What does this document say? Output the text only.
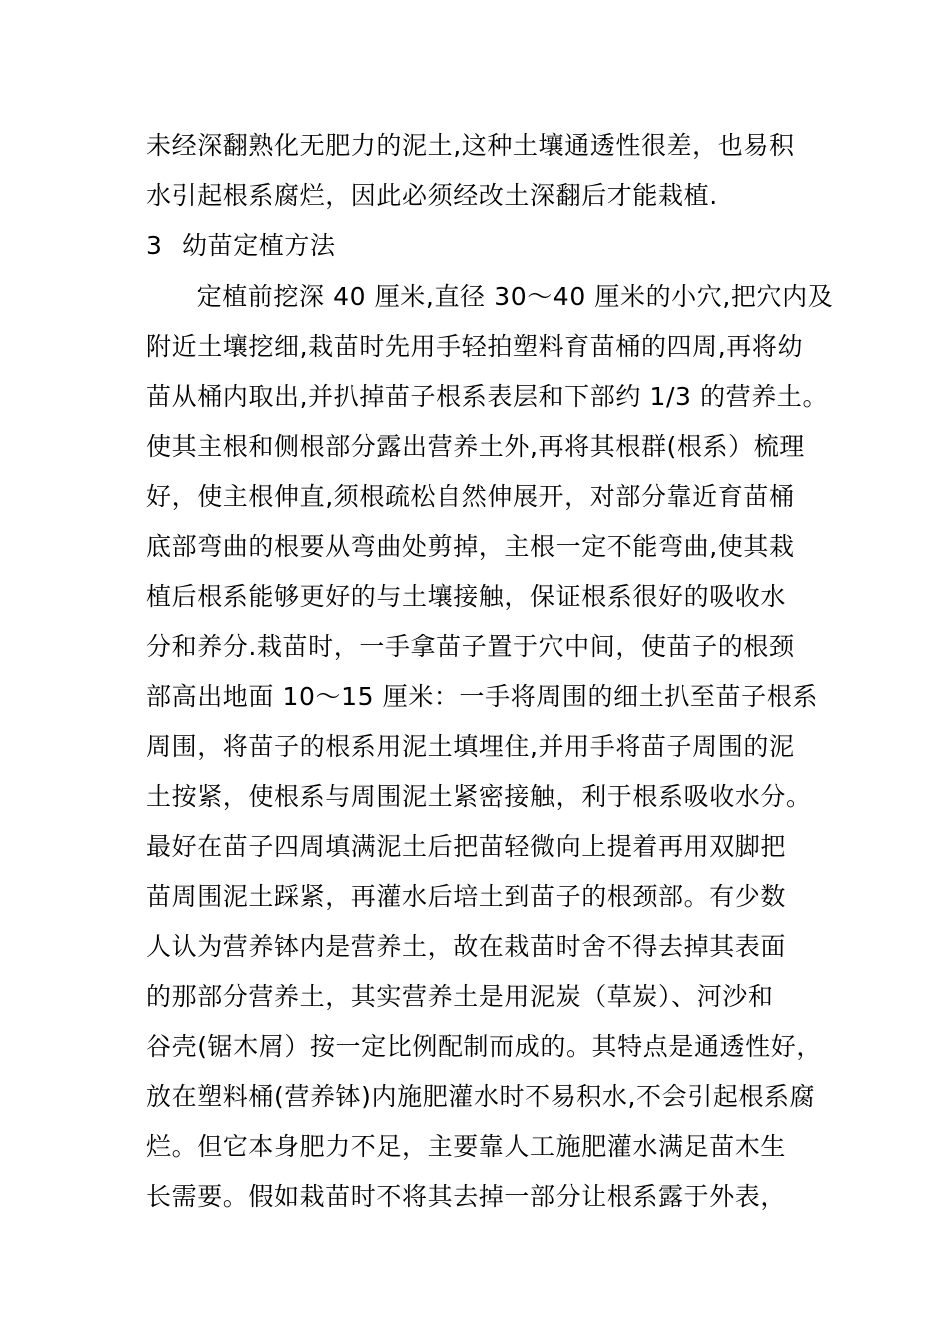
未经深翻熟化无肥力的泥土,这种土壤通透性很差，也易积
水引起根系腐烂，因此必须经改土深翻后才能栽植.
3 幼苗定植方法
　定植前挖深 40 厘米,直径 30～40 厘米的小穴,把穴内及
附近土壤挖细,栽苗时先用手轻拍塑料育苗桶的四周,再将幼
苗从桶内取出,并扒掉苗子根系表层和下部约 1/3 的营养土。
使其主根和侧根部分露出营养土外,再将其根群(根系）梳理
好，使主根伸直,须根疏松自然伸展开，对部分靠近育苗桶
底部弯曲的根要从弯曲处剪掉，主根一定不能弯曲,使其栽
植后根系能够更好的与土壤接触，保证根系很好的吸收水
分和养分.栽苗时，一手拿苗子置于穴中间，使苗子的根颈
部高出地面 10～15 厘米：一手将周围的细土扒至苗子根系
周围，将苗子的根系用泥土填埋住,并用手将苗子周围的泥
土按紧，使根系与周围泥土紧密接触，利于根系吸收水分。
最好在苗子四周填满泥土后把苗轻微向上提着再用双脚把
苗周围泥土踩紧，再灌水后培土到苗子的根颈部。有少数
人认为营养钵内是营养土，故在栽苗时舍不得去掉其表面
的那部分营养土，其实营养土是用泥炭（草炭）、河沙和
谷壳(锯木屑）按一定比例配制而成的。其特点是通透性好，
放在塑料桶(营养钵)内施肥灌水时不易积水,不会引起根系腐
烂。但它本身肥力不足，主要靠人工施肥灌水满足苗木生
长需要。假如栽苗时不将其去掉一部分让根系露于外表，
